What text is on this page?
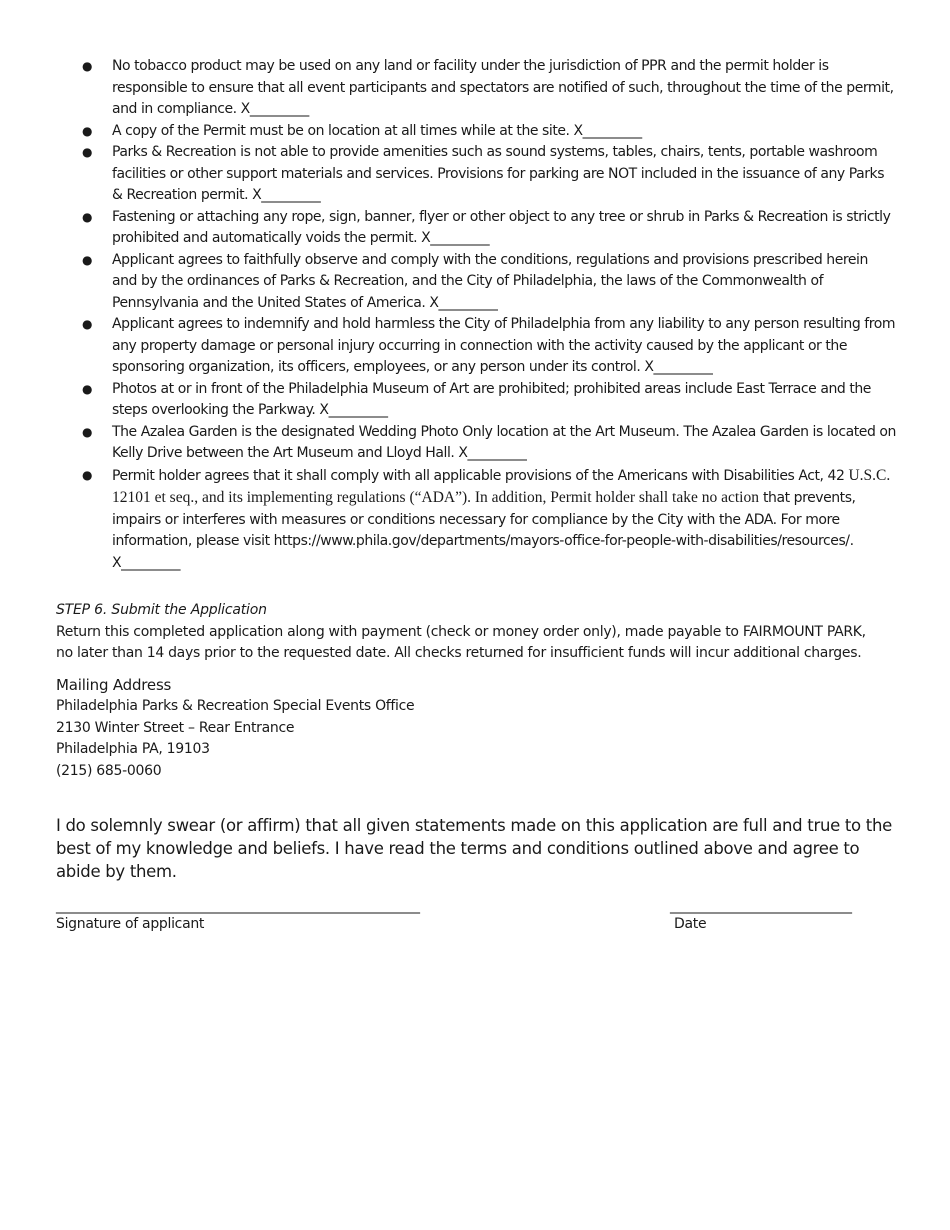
● No tobacco product may be used on any land or facility under the jurisdiction of PPR and the permit holder is responsible to ensure that all event participants and spectators are notified of such, throughout the time of the permit, and in compliance. X_________
● A copy of the Permit must be on location at all times while at the site. X_________
● Parks & Recreation is not able to provide amenities such as sound systems, tables, chairs, tents, portable washroom facilities or other support materials and services. Provisions for parking are NOT included in the issuance of any Parks & Recreation permit. X_________
● Fastening or attaching any rope, sign, banner, flyer or other object to any tree or shrub in Parks & Recreation is strictly prohibited and automatically voids the permit. X_________
● Applicant agrees to faithfully observe and comply with the conditions, regulations and provisions prescribed herein and by the ordinances of Parks & Recreation, and the City of Philadelphia, the laws of the Commonwealth of Pennsylvania and the United States of America. X_________
● Applicant agrees to indemnify and hold harmless the City of Philadelphia from any liability to any person resulting from any property damage or personal injury occurring in connection with the activity caused by the applicant or the sponsoring organization, its officers, employees, or any person under its control. X_________
● Photos at or in front of the Philadelphia Museum of Art are prohibited; prohibited areas include East Terrace and the steps overlooking the Parkway. X_________
● The Azalea Garden is the designated Wedding Photo Only location at the Art Museum. The Azalea Garden is located on Kelly Drive between the Art Museum and Lloyd Hall. X_________
● Permit holder agrees that it shall comply with all applicable provisions of the Americans with Disabilities Act, 42 U.S.C. 12101 et seq., and its implementing regulations (“ADA”). In addition, Permit holder shall take no action that prevents, impairs or interferes with measures or conditions necessary for compliance by the City with the ADA. For more information, please visit https://www.phila.gov/departments/mayors-office-for-people-with-disabilities/resources/. X_________
STEP 6. Submit the Application
Return this completed application along with payment (check or money order only), made payable to FAIRMOUNT PARK, no later than 14 days prior to the requested date. All checks returned for insufficient funds will incur additional charges.
Mailing Address
Philadelphia Parks & Recreation Special Events Office
2130 Winter Street – Rear Entrance
Philadelphia PA, 19103
(215) 685-0060
I do solemnly swear (or affirm) that all given statements made on this application are full and true to the best of my knowledge and beliefs. I have read the terms and conditions outlined above and agree to abide by them.
____________________________________________________	__________________________
Signature of applicant	Date
